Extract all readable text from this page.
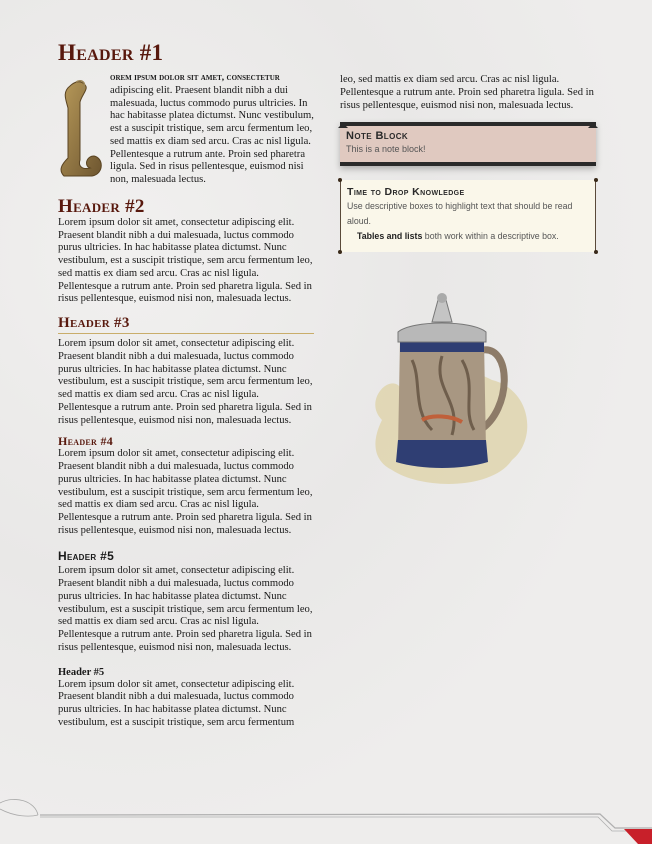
Header #1

orem ipsum dolor sit amet, consectetur
adipiscing elit. Praesent blandit nibh a dui malesuada, luctus commodo purus ultricies. In hac habitasse platea dictumst. Nunc vestibulum, est a suscipit tristique, sem arcu fermentum leo, sed mattis ex diam sed arcu. Cras ac nisl ligula. Pellentesque a rutrum ante. Proin sed pharetra ligula. Sed in risus pellentesque, euismod nisi non, malesuada lectus.

Header #2

Lorem ipsum dolor sit amet, consectetur adipiscing elit. Praesent blandit nibh a dui malesuada, luctus commodo purus ultricies. In hac habitasse platea dictumst. Nunc vestibulum, est a suscipit tristique, sem arcu fermentum leo, sed mattis ex diam sed arcu. Cras ac nisl ligula. Pellentesque a rutrum ante. Proin sed pharetra ligula. Sed in risus pellentesque, euismod nisi non, malesuada lectus.

Header #3

Lorem ipsum dolor sit amet, consectetur adipiscing elit. Praesent blandit nibh a dui malesuada, luctus commodo purus ultricies. In hac habitasse platea dictumst. Nunc vestibulum, est a suscipit tristique, sem arcu fermentum leo, sed mattis ex diam sed arcu. Cras ac nisl ligula. Pellentesque a rutrum ante. Proin sed pharetra ligula. Sed in risus pellentesque, euismod nisi non, malesuada lectus.

Header #4

Lorem ipsum dolor sit amet, consectetur adipiscing elit. Praesent blandit nibh a dui malesuada, luctus commodo purus ultricies. In hac habitasse platea dictumst. Nunc vestibulum, est a suscipit tristique, sem arcu fermentum leo, sed mattis ex diam sed arcu. Cras ac nisl ligula. Pellentesque a rutrum ante. Proin sed pharetra ligula. Sed in risus pellentesque, euismod nisi non, malesuada lectus.

Header #5

Lorem ipsum dolor sit amet, consectetur adipiscing elit. Praesent blandit nibh a dui malesuada, luctus commodo purus ultricies. In hac habitasse platea dictumst. Nunc vestibulum, est a suscipit tristique, sem arcu fermentum leo, sed mattis ex diam sed arcu. Cras ac nisl ligula. Pellentesque a rutrum ante. Proin sed pharetra ligula. Sed in risus pellentesque, euismod nisi non, malesuada lectus.

Header #5

Lorem ipsum dolor sit amet, consectetur adipiscing elit. Praesent blandit nibh a dui malesuada, luctus commodo purus ultricies. In hac habitasse platea dictumst. Nunc vestibulum, est a suscipit tristique, sem arcu fermentum

leo, sed mattis ex diam sed arcu. Cras ac nisl ligula. Pellentesque a rutrum ante. Proin sed pharetra ligula. Sed in risus pellentesque, euismod nisi non, malesuada lectus.

Note Block
This is a note block!
Time to Drop Knowledge
Use descriptive boxes to highlight text that should be read aloud.
Tables and lists both work within a descriptive box.
